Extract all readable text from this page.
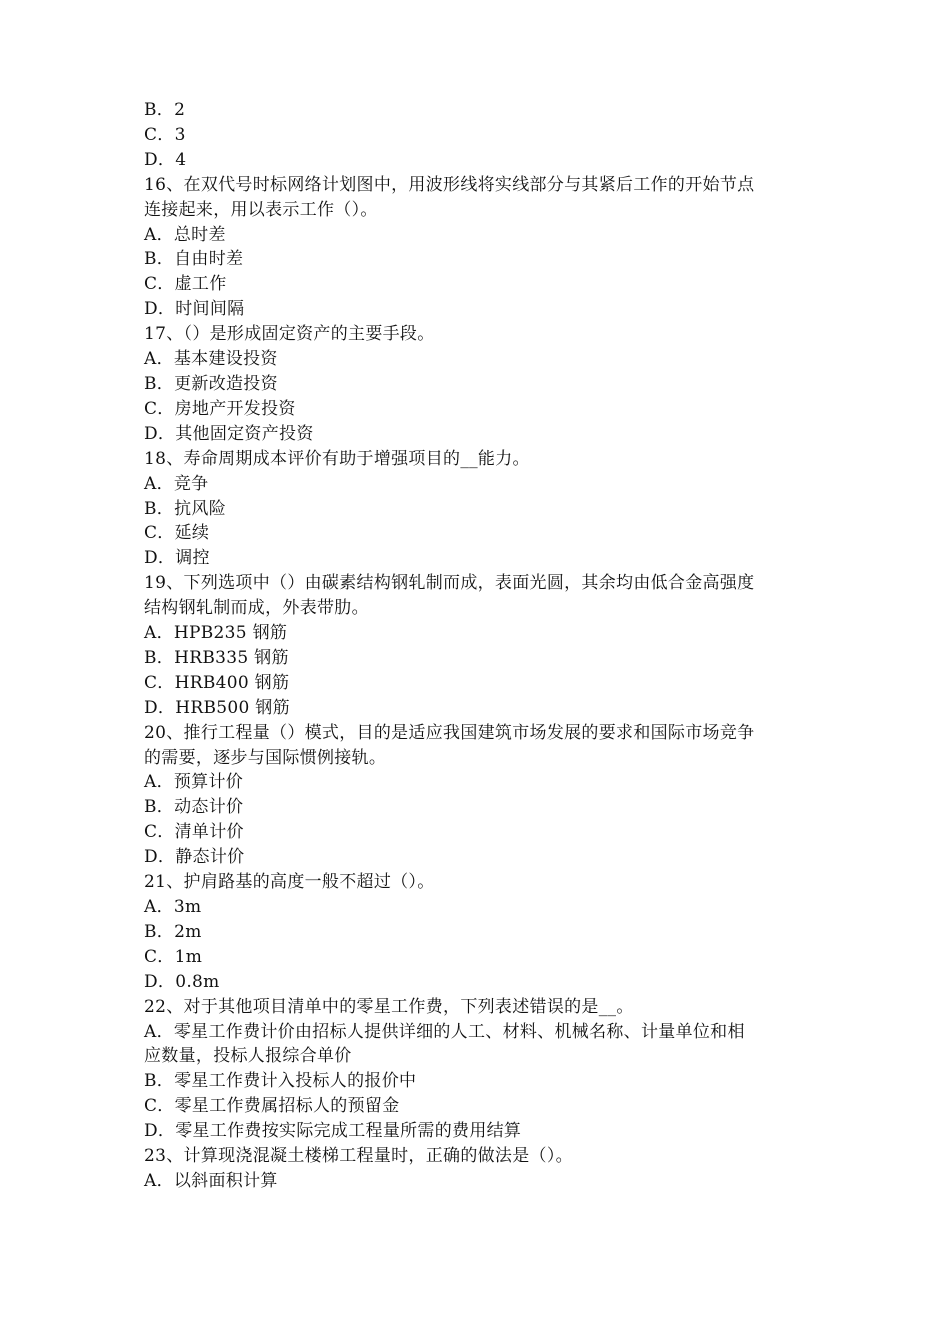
B．2
C．3
D．4
16、在双代号时标网络计划图中，用波形线将实线部分与其紧后工作的开始节点
连接起来，用以表示工作（）。
A．总时差
B．自由时差
C．虚工作
D．时间间隔
17、（）是形成固定资产的主要手段。
A．基本建设投资
B．更新改造投资
C．房地产开发投资
D．其他固定资产投资
18、寿命周期成本评价有助于增强项目的__能力。
A．竞争
B．抗风险
C．延续
D．调控
19、下列选项中（）由碳素结构钢轧制而成，表面光圆，其余均由低合金高强度
结构钢轧制而成，外表带肋。
A．HPB235 钢筋
B．HRB335 钢筋
C．HRB400 钢筋
D．HRB500 钢筋
20、推行工程量（）模式，目的是适应我国建筑市场发展的要求和国际市场竞争
的需要，逐步与国际惯例接轨。
A．预算计价
B．动态计价
C．清单计价
D．静态计价
21、护肩路基的高度一般不超过（）。
A．3m
B．2m
C．1m
D．0.8m
22、对于其他项目清单中的零星工作费，下列表述错误的是__。
A．零星工作费计价由招标人提供详细的人工、材料、机械名称、计量单位和相
应数量，投标人报综合单价
B．零星工作费计入投标人的报价中
C．零星工作费属招标人的预留金
D．零星工作费按实际完成工程量所需的费用结算
23、计算现浇混凝土楼梯工程量时，正确的做法是（）。
A．以斜面积计算
